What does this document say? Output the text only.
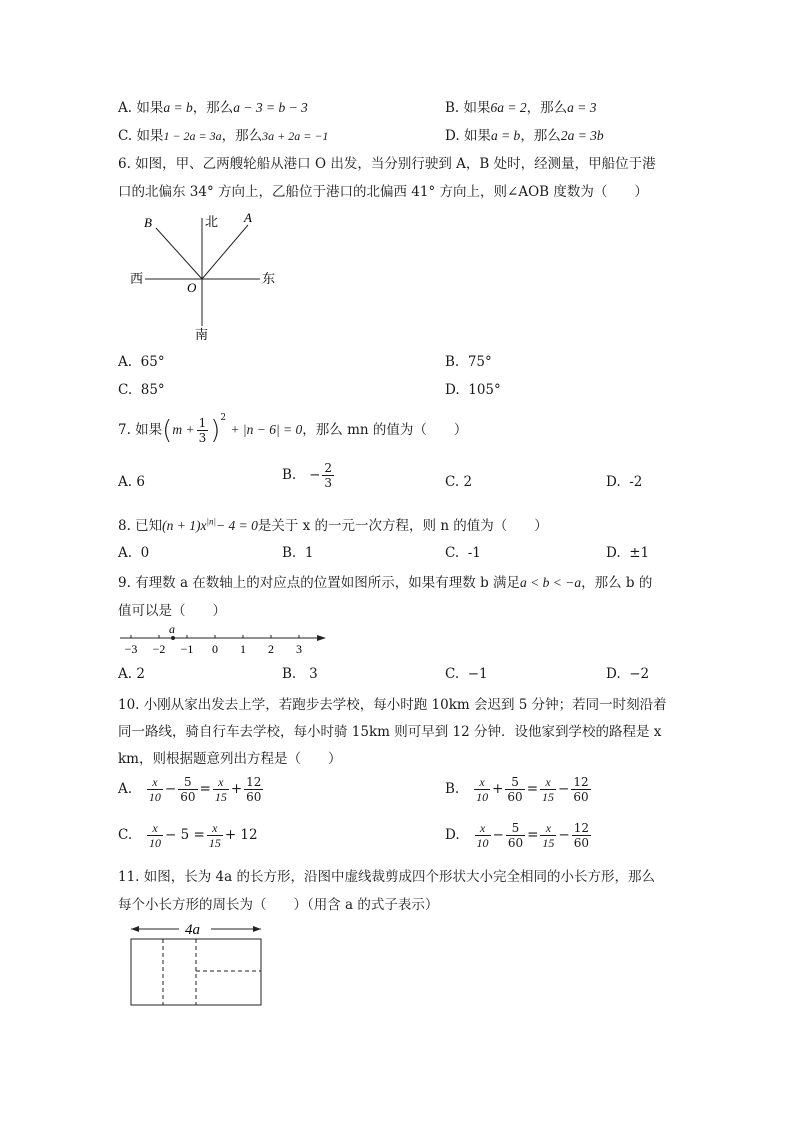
A. 如果a = b，那么a − 3 = b − 3	B. 如果6a = 2，那么a = 3
C. 如果1 − 2a = 3a，那么3a + 2a = −1	D. 如果a = b，那么2a = 3b
6. 如图，甲、乙两艘轮船从港口 O 出发，当分别行驶到 A，B 处时，经测量，甲船位于港
口的北偏东 34° 方向上，乙船位于港口的北偏西 41° 方向上，则∠AOB 度数为（　　）
北
南
东
西
O
A
B
A. 65°	B. 75°
C. 85°	D. 105°
7. 如果$(m + \frac{1}{3} )^2 + |n - 6| = 0$，那么 mn 的值为（　　）
A. 6	B. − $\frac{2}{3}$	C. 2	D. -2
8. 已知$(n + 1)x^{|n|}- 4 = 0$是关于 x 的一元一次方程，则 n 的值为（　　）
A. 0	B. 1	C. -1	D. ±1
9. 有理数 a 在数轴上的对应点的位置如图所示，如果有理数 b 满足a < b < −a，那么 b 的
值可以是（　　）
−3 −2 −1 0 1 2 3
a
A. 2	B. 3	C. −1	D. −2
10. 小刚从家出发去上学，若跑步去学校，每小时跑 10km 会迟到 5 分钟；若同一时刻沿着
同一路线，骑自行车去学校，每小时骑 15km 则可早到 12 分钟．设他家到学校的路程是 x
km，则根据题意列出方程是（　　）
A. $\frac{x}{10} - \frac{5}{60} = \frac{x}{15} + \frac{12}{60}$	B. $\frac{x}{10} + \frac{5}{60} = \frac{x}{15} - \frac{12}{60}$
C. $\frac{x}{10} - 5 = \frac{x}{15} + 12$	D. $\frac{x}{10} - \frac{5}{60} = \frac{x}{15} - \frac{12}{60}$
11. 如图，长为 4a 的长方形，沿图中虚线裁剪成四个形状大小完全相同的小长方形，那么
每个小长方形的周长为（　　）（用含 a 的式子表示）
4a
